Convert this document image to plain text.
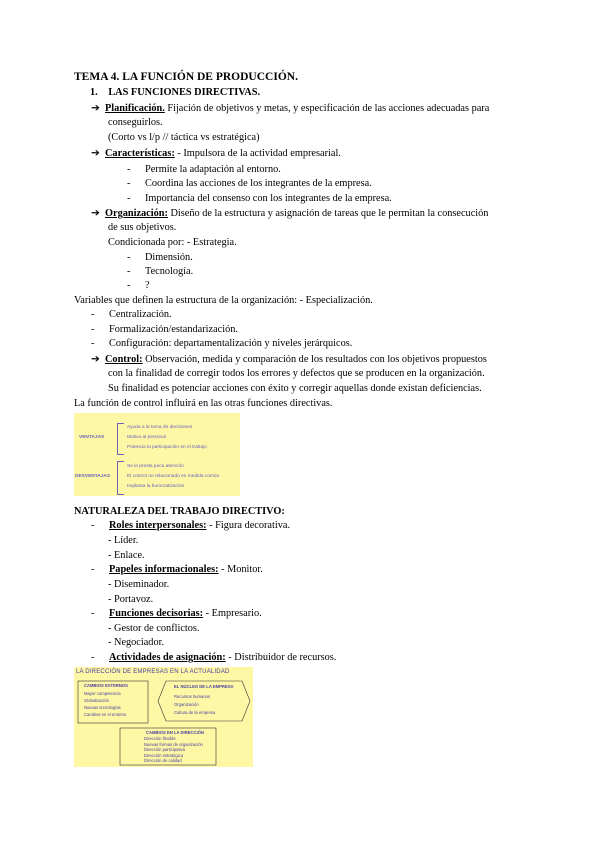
TEMA 4. LA FUNCIÓN DE PRODUCCIÓN.
1. LAS FUNCIONES DIRECTIVAS.
➔ Planificación. Fijación de objetivos y metas, y especificación de las acciones adecuadas para
conseguirlos.
(Corto vs l/p // táctica vs estratégica)
➔ Características: - Impulsora de la actividad empresarial.
- Permite la adaptación al entorno.
- Coordina las acciones de los integrantes de la empresa.
- Importancia del consenso con los integrantes de la empresa.
➔ Organización: Diseño de la estructura y asignación de tareas que le permitan la consecución
de sus objetivos.
Condicionada por: - Estrategia.
- Dimensión.
- Tecnología.
- ?
Variables que definen la estructura de la organización: - Especialización.
- Centralización.
- Formalización/estandarización.
- Configuración: departamentalización y niveles jerárquicos.
➔ Control: Observación, medida y comparación de los resultados con los objetivos propuestos
con la finalidad de corregir todos los errores y defectos que se producen en la organización.
Su finalidad es potenciar acciones con éxito y corregir aquellas donde existan deficiencias.
La función de control influirá en las otras funciones directivas.
VENTAJAS
Ayuda a la toma de decisiones
Motiva al personal
Potencia la participación en el trabajo
DESVENTAJAS
Se le presta poca atención
El control no relacionado en medida común
Implanta la burocratización
NATURALEZA DEL TRABAJO DIRECTIVO:
- Roles interpersonales: - Figura decorativa.
- Líder.
- Enlace.
- Papeles informacionales: - Monitor.
- Diseminador.
- Portavoz.
- Funciones decisorias: - Empresario.
- Gestor de conflictos.
- Negociador.
- Actividades de asignación: - Distribuidor de recursos.
LA DIRECCIÓN DE EMPRESAS EN LA ACTUALIDAD
CAMBIOS EXTERNOS
Mayor competencia
Globalización
Nuevas tecnologías
Cambios en el entorno
EL NÚCLEO DE LA EMPRESA
Recursos humanos
Organización
Cultura de la empresa
CAMBIOS EN LA DIRECCIÓN
Dirección flexible
Nuevas formas de organización
Dirección participativa
Dirección estratégica
Dirección de calidad
